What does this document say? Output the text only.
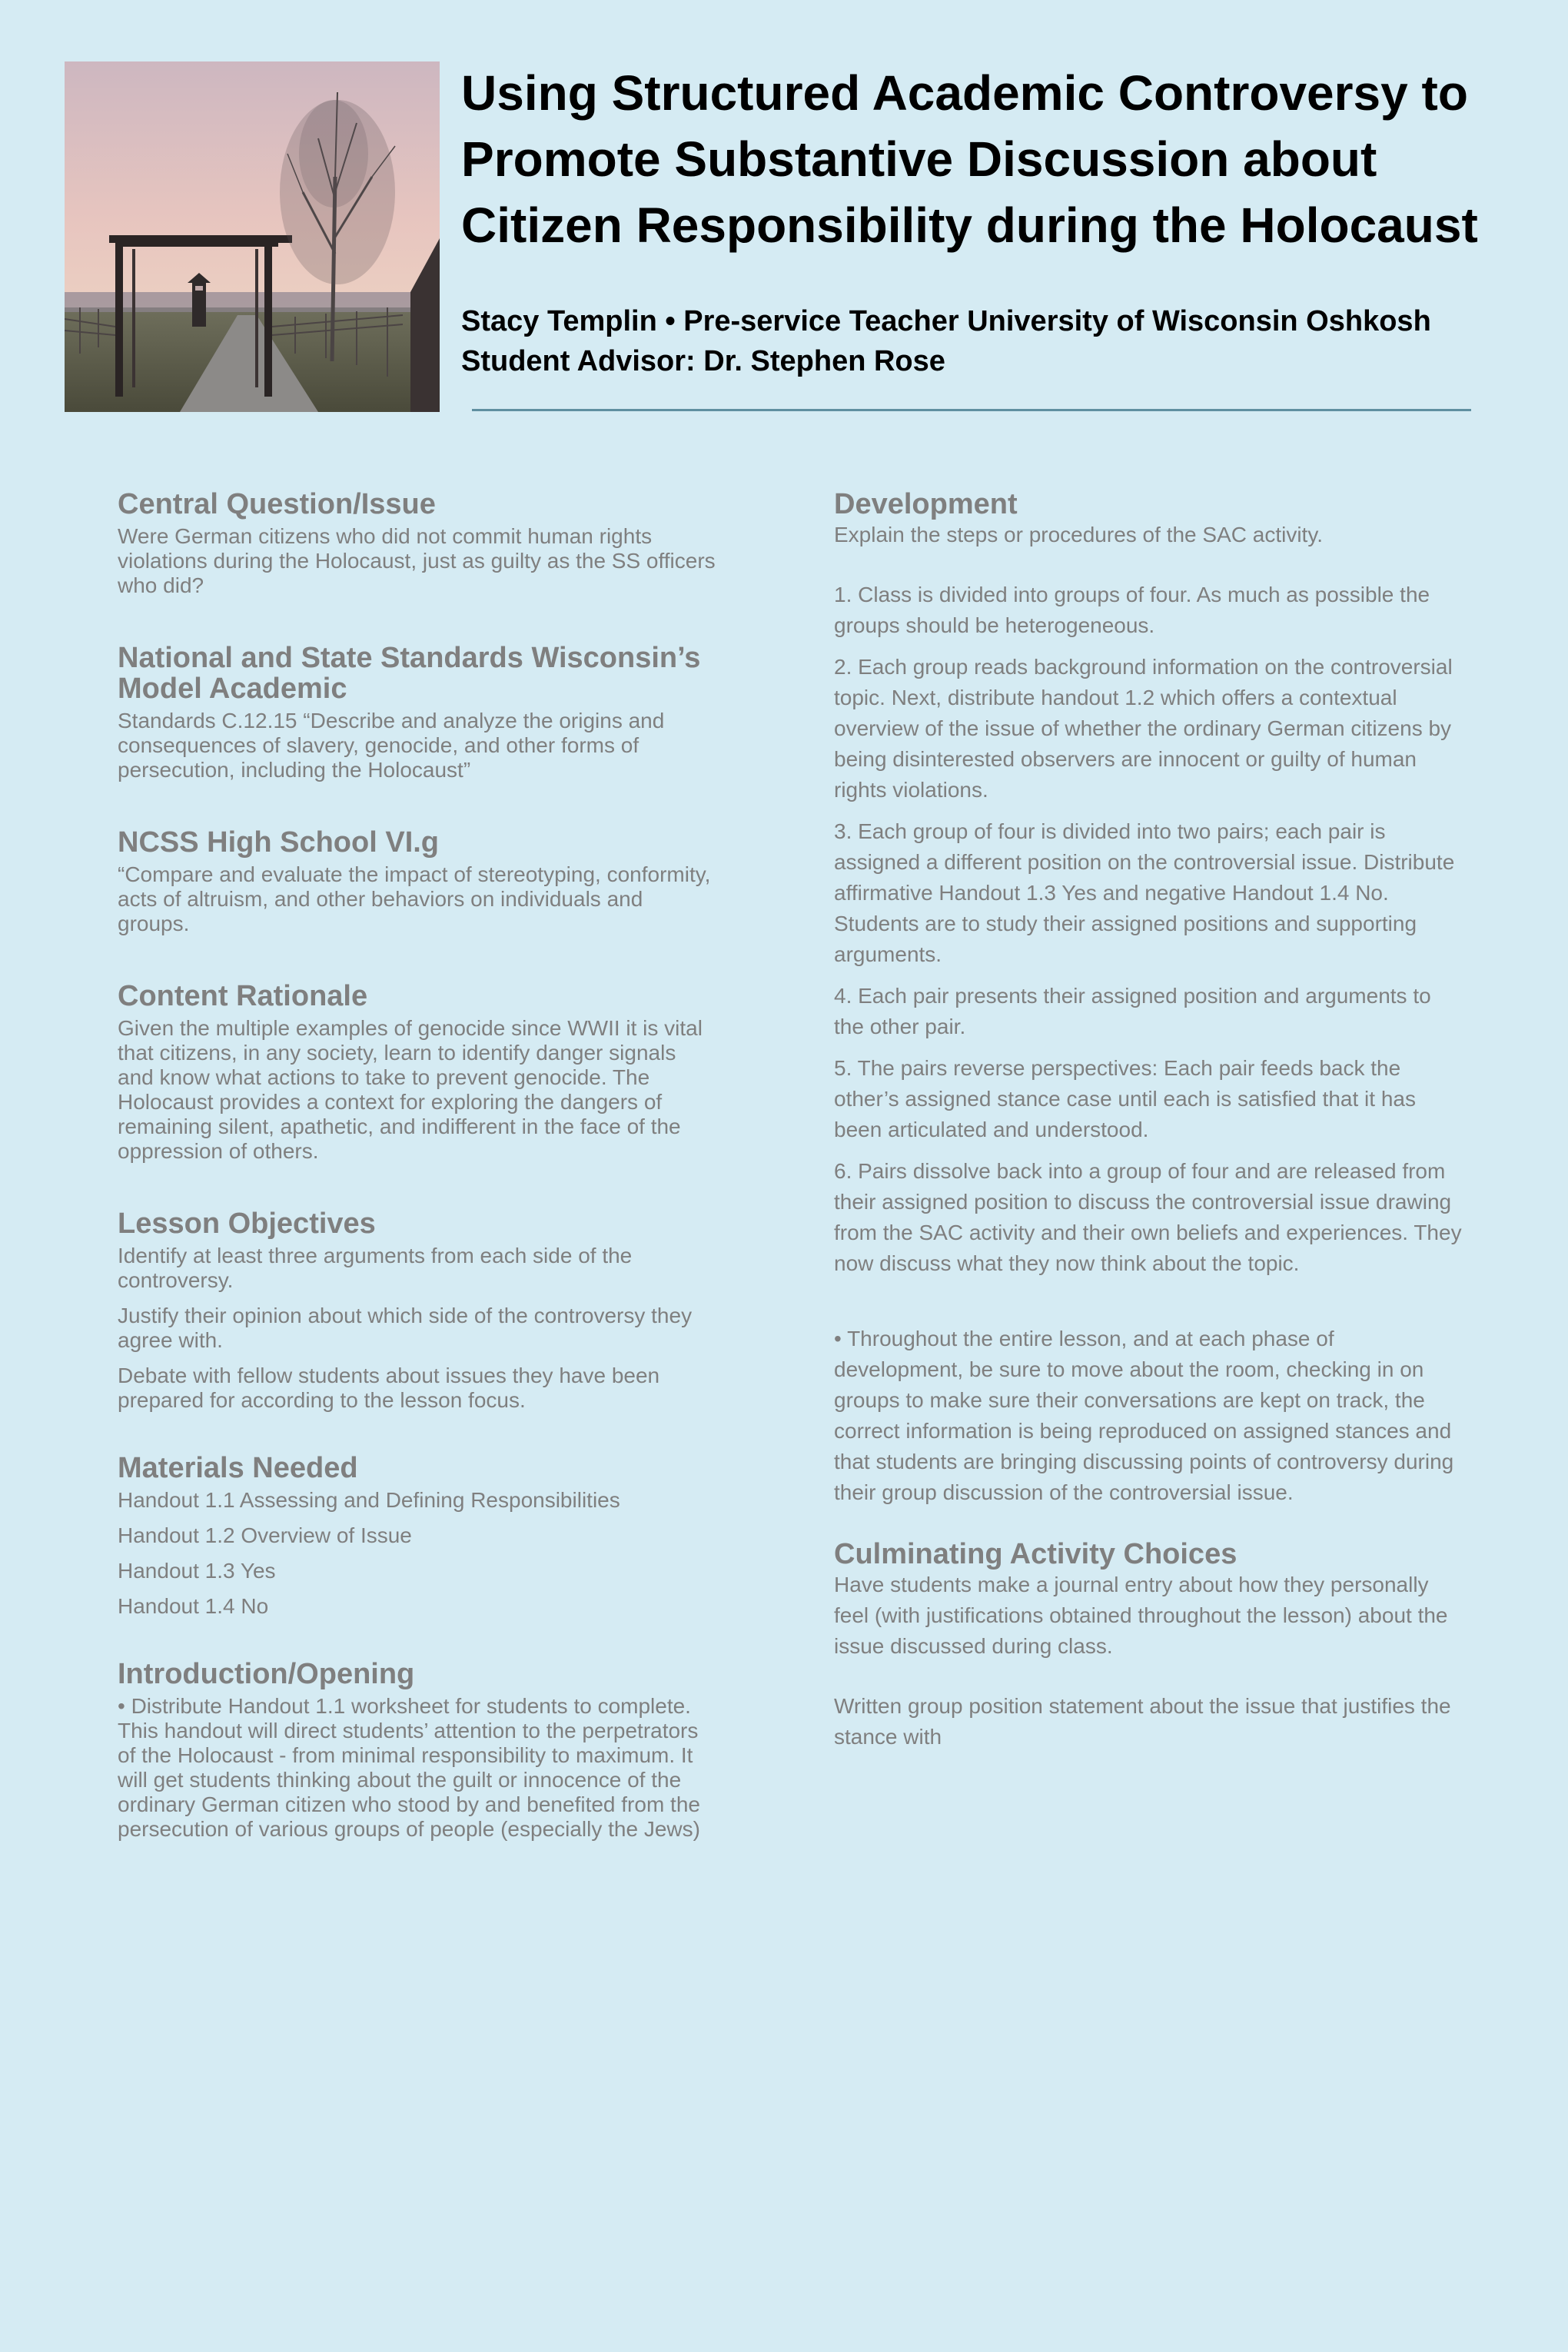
Using Structured Academic Controversy to
Promote Substantive Discussion about
Citizen Responsibility during the Holocaust
Stacy Templin • Pre-service Teacher University of Wisconsin Oshkosh
Student Advisor: Dr. Stephen Rose
Central Question/Issue

Were German citizens who did not commit human rights violations during the Holocaust, just as guilty as the SS officers who did?

National and State Standards Wisconsin’s Model Academic

Standards C.12.15 “Describe and analyze the origins and consequences of slavery, genocide, and other forms of persecution, including the Holocaust”

NCSS High School VI.g

“Compare and evaluate the impact of stereotyping, conformity, acts of altruism, and other behaviors on individuals and groups.

Content Rationale

Given the multiple examples of genocide since WWII it is vital that citizens, in any society, learn to identify danger signals and know what actions to take to prevent genocide. The Holocaust provides a context for exploring the dangers of remaining silent, apathetic, and indifferent in the face of the oppression of others.

Lesson Objectives

Identify at least three arguments from each side of the controversy.

Justify their opinion about which side of the controversy they agree with.

Debate with fellow students about issues they have been prepared for according to the lesson focus.

Materials Needed

Handout 1.1 Assessing and Defining Responsibilities

Handout 1.2 Overview of Issue

Handout 1.3 Yes

Handout 1.4 No

Introduction/Opening

• Distribute Handout 1.1 worksheet for students to complete. This handout will direct students’ attention to the perpetrators of the Holocaust - from minimal responsibility to maximum. It will get students thinking about the guilt or innocence of the ordinary German citizen who stood by and benefited from the persecution of various groups of people (especially the Jews)

Development

Explain the steps or procedures of the SAC activity.

1. Class is divided into groups of four. As much as possible the groups should be heterogeneous.

2. Each group reads background information on the controversial topic. Next, distribute handout 1.2 which offers a contextual overview of the issue of whether the ordinary German citizens by being disinterested observers are innocent or guilty of human rights violations.

3. Each group of four is divided into two pairs; each pair is assigned a different position on the controversial issue. Distribute affirmative Handout 1.3 Yes and negative Handout 1.4 No. Students are to study their assigned positions and supporting arguments.

4. Each pair presents their assigned position and arguments to the other pair.

5. The pairs reverse perspectives: Each pair feeds back the other’s assigned stance case until each is satisfied that it has been articulated and understood.

6. Pairs dissolve back into a group of four and are released from their assigned position to discuss the controversial issue drawing from the SAC activity and their own beliefs and experiences. They now discuss what they now think about the topic.

• Throughout the entire lesson, and at each phase of development, be sure to move about the room, checking in on groups to make sure their conversations are kept on track, the correct information is being reproduced on assigned stances and that students are bringing discussing points of controversy during their group discussion of the controversial issue.

Culminating Activity Choices

Have students make a journal entry about how they personally feel (with justifications obtained throughout the lesson) about the issue discussed during class.

Written group position statement about the issue that justifies the stance with
